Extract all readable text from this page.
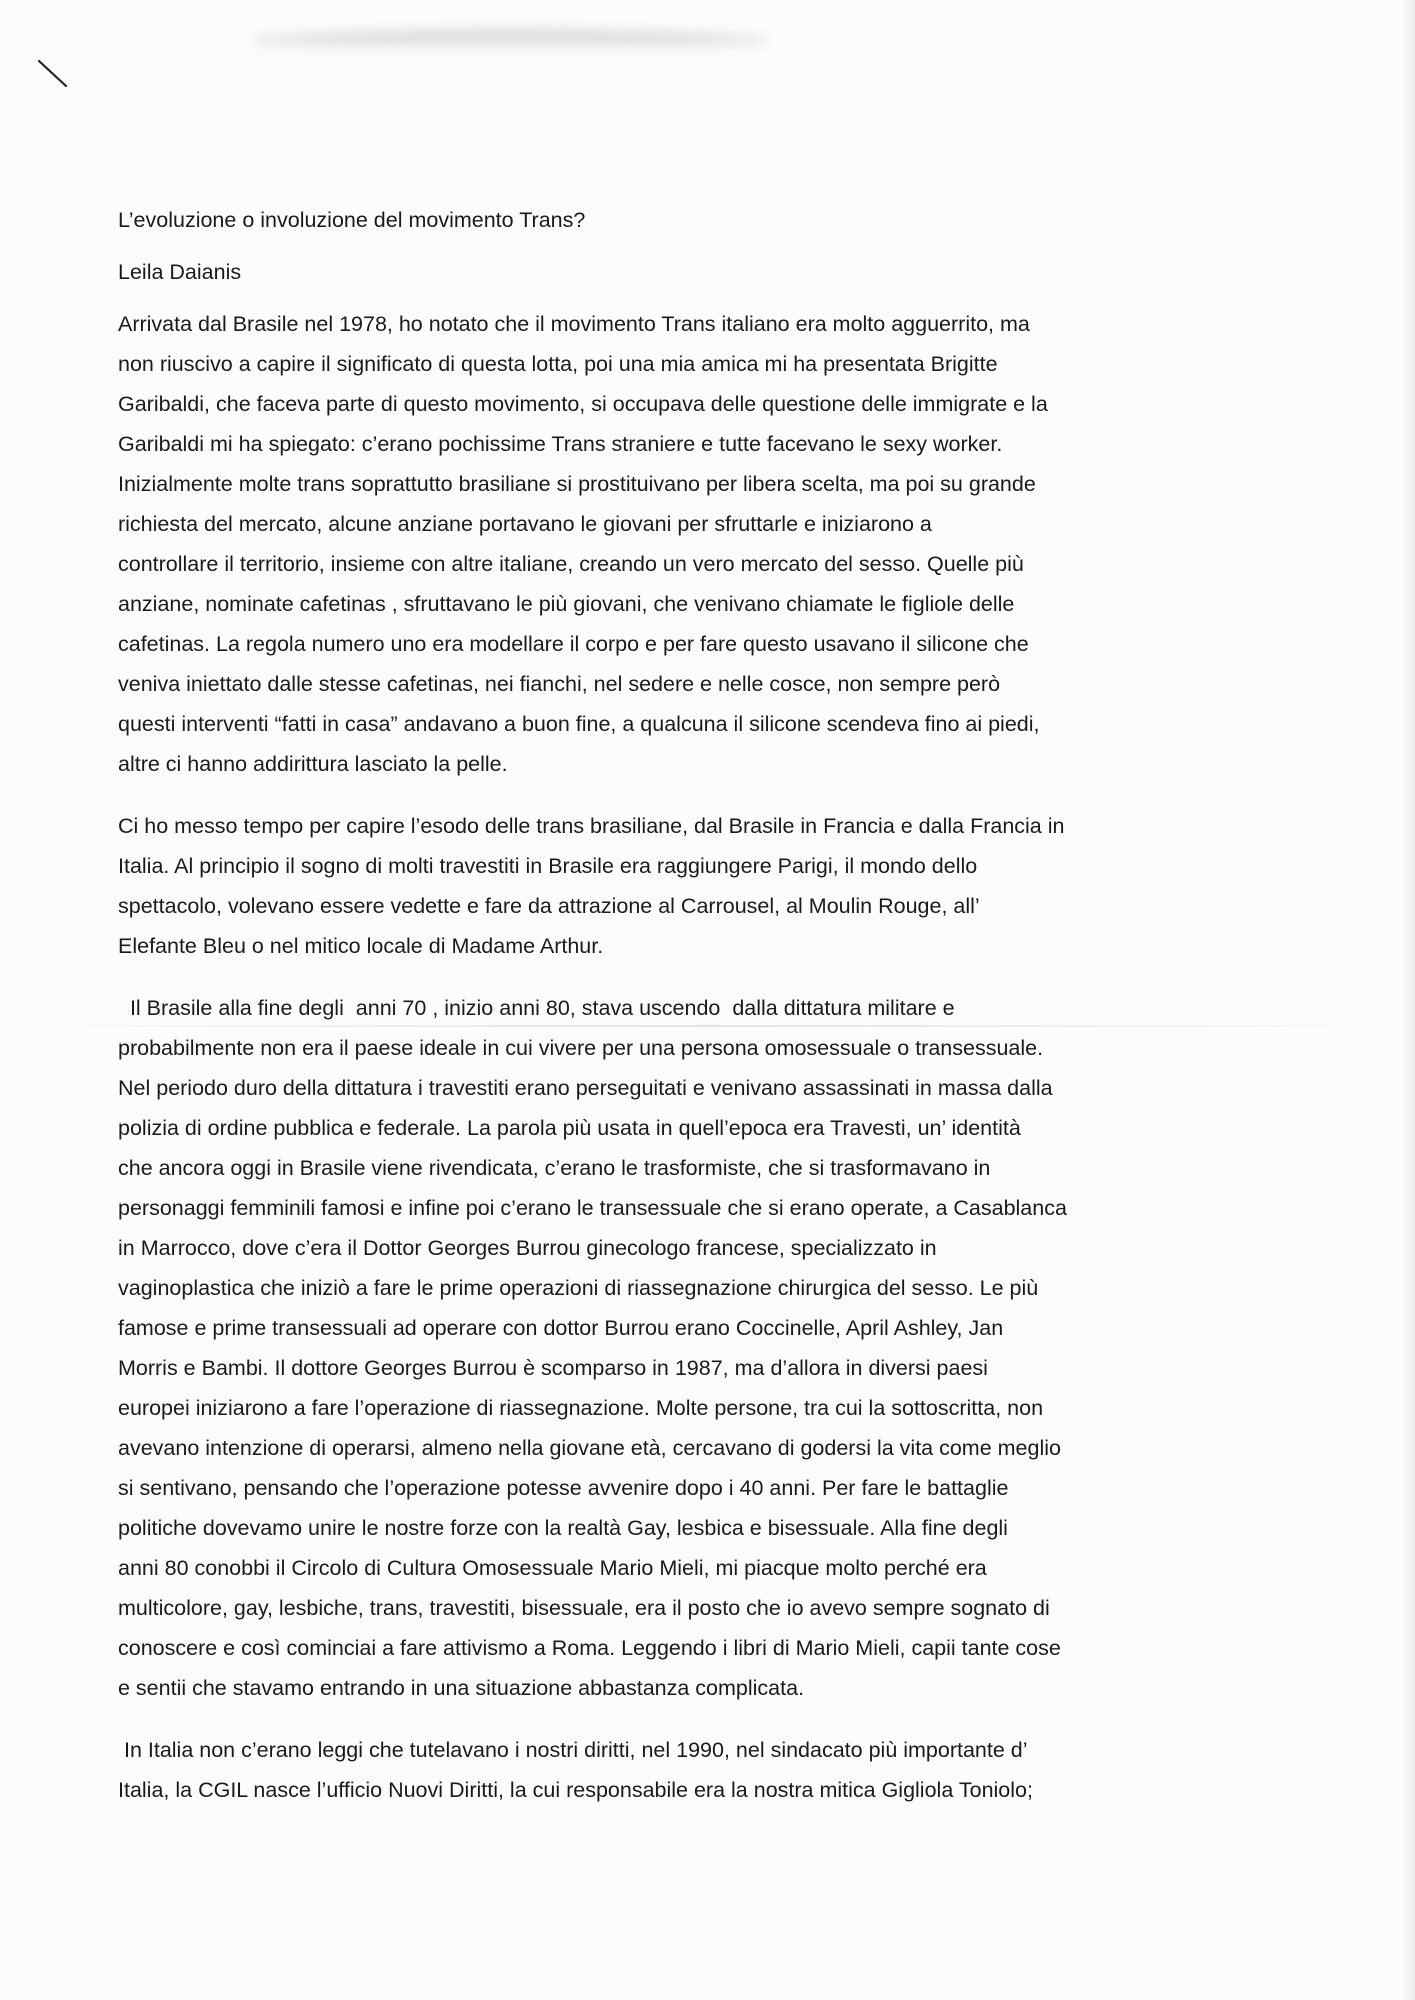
L’evoluzione o involuzione del movimento Trans?
Leila Daianis
Arrivata dal Brasile nel 1978, ho notato che il movimento Trans italiano era molto agguerrito, ma
non riuscivo a capire il significato di questa lotta, poi una mia amica mi ha presentata Brigitte
Garibaldi, che faceva parte di questo movimento, si occupava delle questione delle immigrate e la
Garibaldi mi ha spiegato: c’erano pochissime Trans straniere e tutte facevano le sexy worker.
Inizialmente molte trans soprattutto brasiliane si prostituivano per libera scelta, ma poi su grande
richiesta del mercato, alcune anziane portavano le giovani per sfruttarle e iniziarono a
controllare il territorio, insieme con altre italiane, creando un vero mercato del sesso. Quelle più
anziane, nominate cafetinas , sfruttavano le più giovani, che venivano chiamate le figliole delle
cafetinas. La regola numero uno era modellare il corpo e per fare questo usavano il silicone che
veniva iniettato dalle stesse cafetinas, nei fianchi, nel sedere e nelle cosce, non sempre però
questi interventi “fatti in casa” andavano a buon fine, a qualcuna il silicone scendeva fino ai piedi,
altre ci hanno addirittura lasciato la pelle.
Ci ho messo tempo per capire l’esodo delle trans brasiliane, dal Brasile in Francia e dalla Francia in
Italia. Al principio il sogno di molti travestiti in Brasile era raggiungere Parigi, il mondo dello
spettacolo, volevano essere vedette e fare da attrazione al Carrousel, al Moulin Rouge, all’
Elefante Bleu o nel mitico locale di Madame Arthur.
Il Brasile alla fine degli  anni 70 , inizio anni 80, stava uscendo  dalla dittatura militare e
probabilmente non era il paese ideale in cui vivere per una persona omosessuale o transessuale.
Nel periodo duro della dittatura i travestiti erano perseguitati e venivano assassinati in massa dalla
polizia di ordine pubblica e federale. La parola più usata in quell’epoca era Travesti, un’ identità
che ancora oggi in Brasile viene rivendicata, c’erano le trasformiste, che si trasformavano in
personaggi femminili famosi e infine poi c’erano le transessuale che si erano operate, a Casablanca
in Marrocco, dove c’era il Dottor Georges Burrou ginecologo francese, specializzato in
vaginoplastica che iniziò a fare le prime operazioni di riassegnazione chirurgica del sesso. Le più
famose e prime transessuali ad operare con dottor Burrou erano Coccinelle, April Ashley, Jan
Morris e Bambi. Il dottore Georges Burrou è scomparso in 1987, ma d’allora in diversi paesi
europei iniziarono a fare l’operazione di riassegnazione. Molte persone, tra cui la sottoscritta, non
avevano intenzione di operarsi, almeno nella giovane età, cercavano di godersi la vita come meglio
si sentivano, pensando che l’operazione potesse avvenire dopo i 40 anni. Per fare le battaglie
politiche dovevamo unire le nostre forze con la realtà Gay, lesbica e bisessuale. Alla fine degli
anni 80 conobbi il Circolo di Cultura Omosessuale Mario Mieli, mi piacque molto perché era
multicolore, gay, lesbiche, trans, travestiti, bisessuale, era il posto che io avevo sempre sognato di
conoscere e così cominciai a fare attivismo a Roma. Leggendo i libri di Mario Mieli, capii tante cose
e sentii che stavamo entrando in una situazione abbastanza complicata.
In Italia non c’erano leggi che tutelavano i nostri diritti, nel 1990, nel sindacato più importante d’
Italia, la CGIL nasce l’ufficio Nuovi Diritti, la cui responsabile era la nostra mitica Gigliola Toniolo;
